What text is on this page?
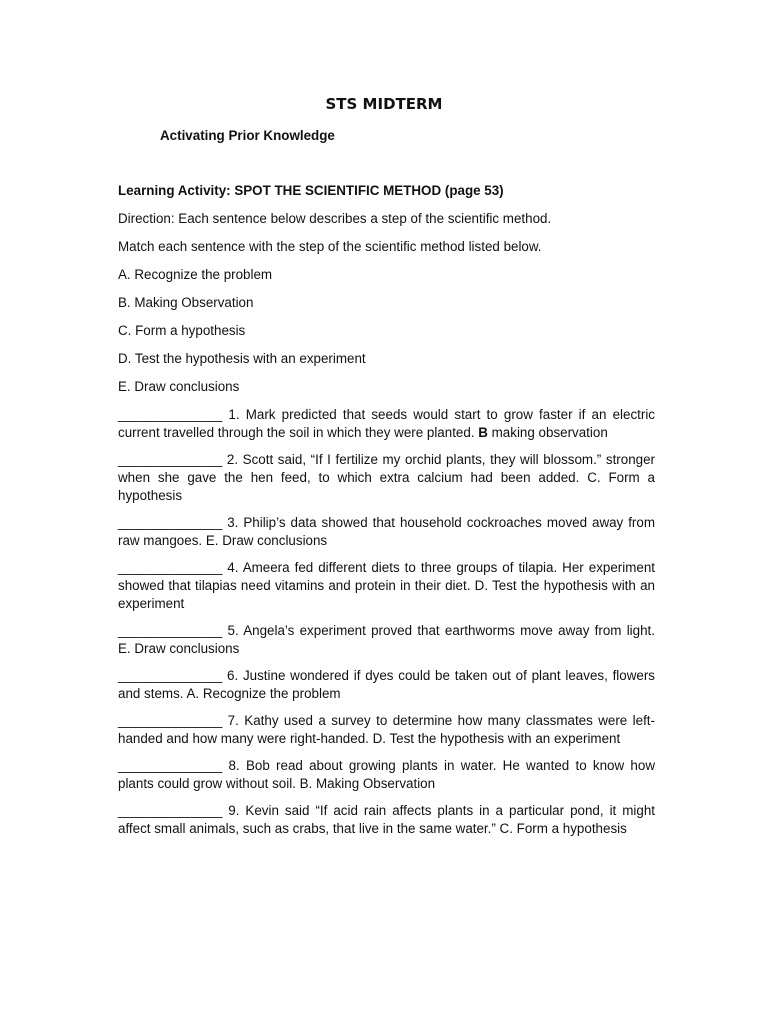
STS MIDTERM
Activating Prior Knowledge
Learning Activity: SPOT THE SCIENTIFIC METHOD (page 53)
Direction: Each sentence below describes a step of the scientific method.
Match each sentence with the step of the scientific method listed below.
A. Recognize the problem
B. Making Observation
C. Form a hypothesis
D. Test the hypothesis with an experiment
E. Draw conclusions
______________ 1. Mark predicted that seeds would start to grow faster if an electric current travelled through the soil in which they were planted. B making observation
______________ 2. Scott said, “If I fertilize my orchid plants, they will blossom.” stronger when she gave the hen feed, to which extra calcium had been added. C. Form a hypothesis
______________ 3. Philip’s data showed that household cockroaches moved away from raw mangoes. E. Draw conclusions
______________ 4. Ameera fed different diets to three groups of tilapia. Her experiment showed that tilapias need vitamins and protein in their diet. D. Test the hypothesis with an experiment
______________ 5. Angela’s experiment proved that earthworms move away from light. E. Draw conclusions
______________ 6. Justine wondered if dyes could be taken out of plant leaves, flowers and stems. A. Recognize the problem
______________ 7. Kathy used a survey to determine how many classmates were left-handed and how many were right-handed. D. Test the hypothesis with an experiment
______________ 8. Bob read about growing plants in water. He wanted to know how plants could grow without soil. B. Making Observation
______________ 9. Kevin said “If acid rain affects plants in a particular pond, it might affect small animals, such as crabs, that live in the same water.” C. Form a hypothesis
